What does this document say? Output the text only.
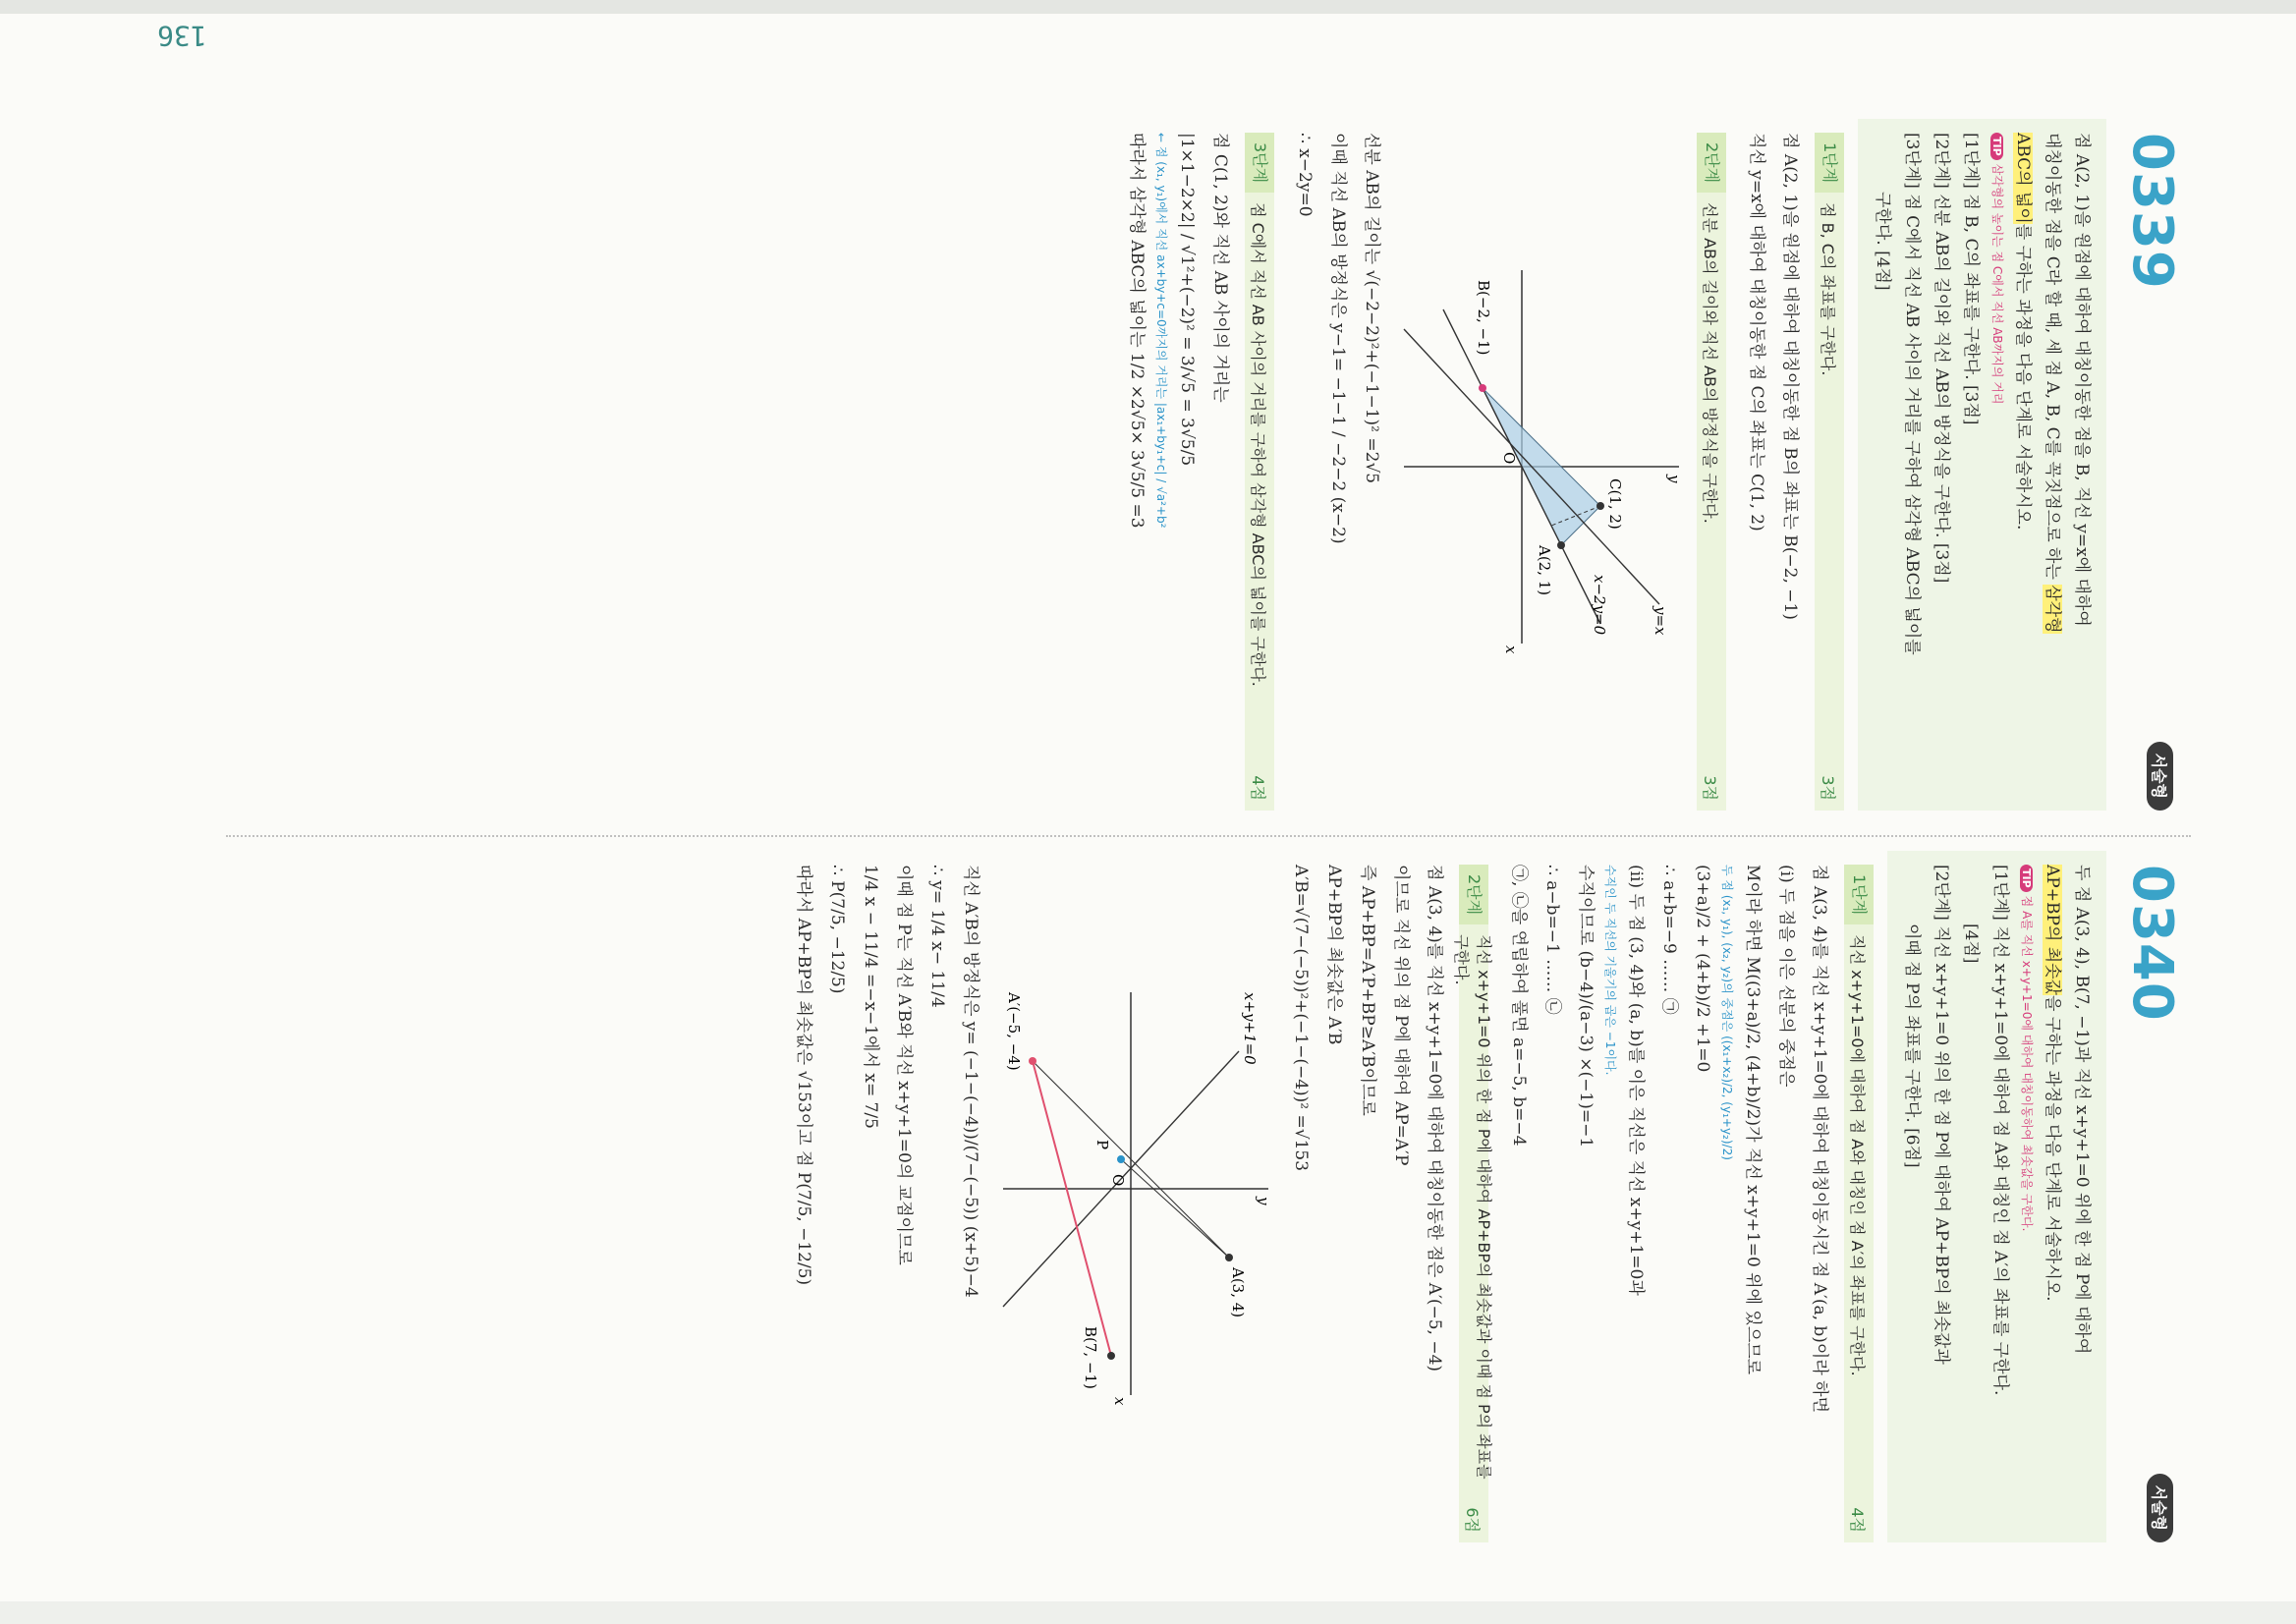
136
0339
서술형

점 A(2, 1)을 원점에 대하여 대칭이동한 점을 B, 직선 y=x에 대하여

대칭이동한 점을 C라 할 때, 세 점 A, B, C를 꼭짓점으로 하는 삼각형

ABC의 넓이를 구하는 과정을 다음 단계로 서술하시오.

TIP삼각형의 높이는 점 C에서 직선 AB까지의 거리

[1단계] 점 B, C의 좌표를 구한다. [3점]

[2단계] 선분 AB의 길이와 직선 AB의 방정식을 구한다. [3점]

[3단계] 점 C에서 직선 AB 사이의 거리를 구하여 삼각형 ABC의 넓이를

구한다. [4점]

1단계
점 B, C의 좌표를 구한다.
3점

점 A(2, 1)을 원점에 대하여 대칭이동한 점 B의 좌표는 B(−2, −1)

직선 y=x에 대하여 대칭이동한 점 C의 좌표는 C(1, 2)

2단계
선분 AB의 길이와 직선 AB의 방정식을 구한다.
3점
y
x
O
y=x
x−2y=0
A(2, 1)
B(−2, −1)
C(1, 2)

선분 AB의 길이는 √(−2−2)²+(−1−1)² =2√5

이때 직선 AB의 방정식은 y−1= −1−1 / −2−2 (x−2)

∴ x−2y=0

3단계
점 C에서 직선 AB 사이의 거리를 구하여 삼각형 ABC의 넓이를 구한다.
4점

점 C(1, 2)와 직선 AB 사이의 거리는

|1×1−2×2| / √1²+(−2)² = 3/√5 = 3√5/5

← 점 (x₁, y₁)에서 직선 ax+by+c=0까지의 거리는 |ax₁+by₁+c| / √a²+b²

따라서 삼각형 ABC의 넓이는 1/2 ×2√5× 3√5/5 =3

0340
서술형

두 점 A(3, 4), B(7, −1)과 직선 x+y+1=0 위에 한 점 P에 대하여

AP+BP의 최솟값을 구하는 과정을 다음 단계로 서술하시오.

TIP점 A를 직선 x+y+1=0에 대하여 대칭이동하여 최솟값을 구한다.

[1단계] 직선 x+y+1=0에 대하여 점 A와 대칭인 점 A′의 좌표를 구한다.

[4점]

[2단계] 직선 x+y+1=0 위의 한 점 P에 대하여 AP+BP의 최솟값과

이때 점 P의 좌표를 구한다. [6점]

1단계
직선 x+y+1=0에 대하여 점 A와 대칭인 점 A′의 좌표를 구한다.
4점

점 A(3, 4)를 직선 x+y+1=0에 대하여 대칭이동시킨 점 A′(a, b)이라 하면

(ⅰ) 두 점을 이은 선분의 중점은

M이라 하면 M((3+a)/2, (4+b)/2)가 직선 x+y+1=0 위에 있으므로

두 점 (x₁, y₁), (x₂, y₂)의 중점은 ((x₁+x₂)/2, (y₁+y₂)/2)

(3+a)/2 + (4+b)/2 +1=0

∴ a+b=−9 …… ㉠

(ⅱ) 두 점 (3, 4)와 (a, b)를 이은 직선은 직선 x+y+1=0과

수직인 두 직선의 기울기의 곱은 −1이다.

수직이므로 (b−4)/(a−3) ×(−1)=−1

∴ a−b=−1 …… ㉡

㉠, ㉡을 연립하여 풀면 a=−5, b=−4

2단계
직선 x+y+1=0 위의 한 점 P에 대하여 AP+BP의 최솟값과 이때 점 P의 좌표를 구한다.
6점

점 A(3, 4)를 직선 x+y+1=0에 대하여 대칭이동한 점은 A′(−5, −4)

이므로 직선 위의 점 P에 대하여 AP=A′P

즉 AP+BP=A′P+BP≥A′B이므로

AP+BP의 최솟값은 A′B

A′B=√(7−(−5))²+(−1−(−4))² =√153

y
x
O
x+y+1=0
A(3, 4)
B(7, −1)
A′(−5, −4)
P

직선 A′B의 방정식은 y= (−1−(−4))/(7−(−5)) (x+5)−4

∴ y= 1/4 x− 11/4

이때 점 P는 직선 A′B와 직선 x+y+1=0의 교점이므로

1/4 x − 11/4 =−x−1에서 x= 7/5

∴ P(7/5, −12/5)

따라서 AP+BP의 최솟값은 √153이고 점 P(7/5, −12/5)
